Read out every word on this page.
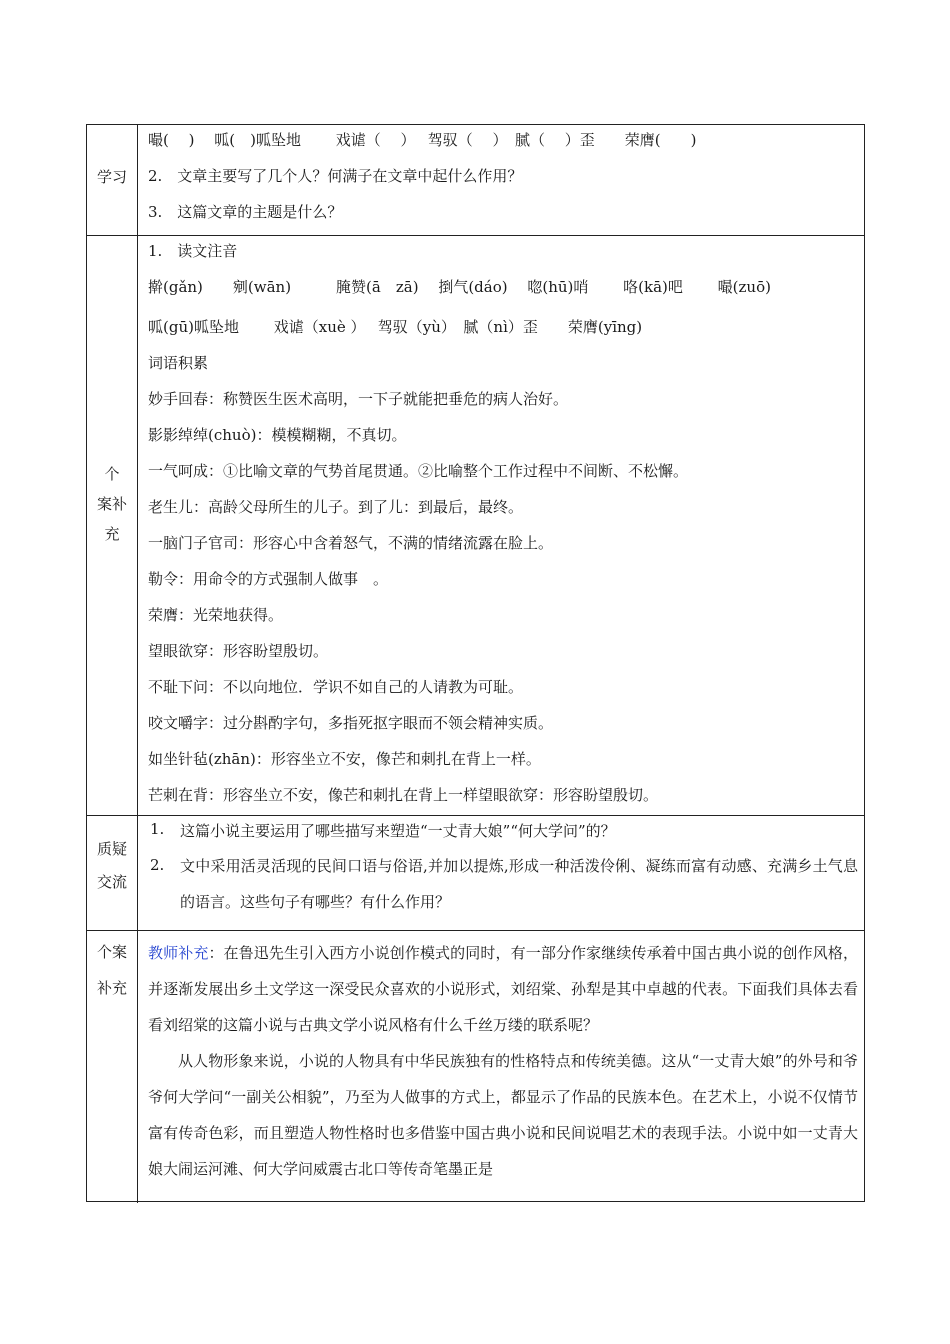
学习
嘬(　 )　 呱(　)呱坠地　　 戏谑（　 ）　 驾驭（　 ）　腻（　 ）歪　　荣膺(　　)
2.　文章主要写了几个人？何满子在文章中起什么作用？
3.　这篇文章的主题是什么？
个
案补
充
1.　读文注音
擀(gǎn)　　剜(wān)　　　腌赞(ā　zā)　 捯气(dáo)　 唿(hū)哨　　 咯(kā)吧　　 嘬(zuō)
呱(gū)呱坠地　　 戏谑（xuè ）　 驾驭（yù）　腻（nì）歪　　荣膺(yīng)
词语积累
妙手回春：称赞医生医术高明，一下子就能把垂危的病人治好。
影影绰绰(chuò)：模模糊糊，不真切。
一气呵成：①比喻文章的气势首尾贯通。②比喻整个工作过程中不间断、不松懈。
老生儿：高龄父母所生的儿子。到了儿：到最后，最终。
一脑门子官司：形容心中含着怒气，不满的情绪流露在脸上。
勒令：用命令的方式强制人做事　。
荣膺：光荣地获得。
望眼欲穿：形容盼望殷切。
不耻下问：不以向地位．学识不如自己的人请教为可耻。
咬文嚼字：过分斟酌字句，多指死抠字眼而不领会精神实质。
如坐针毡(zhān)：形容坐立不安，像芒和刺扎在背上一样。
芒刺在背：形容坐立不安，像芒和刺扎在背上一样望眼欲穿：形容盼望殷切。
质疑
交流
1. 这篇小说主要运用了哪些描写来塑造“一丈青大娘”“何大学问”的？
2. 文中采用活灵活现的民间口语与俗语,并加以提炼,形成一种活泼伶俐、凝练而富有动感、充满乡土气息的语言。这些句子有哪些？有什么作用？
个案
补充
教师补充：在鲁迅先生引入西方小说创作模式的同时，有一部分作家继续传承着中国古典小说的创作风格，并逐渐发展出乡土文学这一深受民众喜欢的小说形式，刘绍棠、孙犁是其中卓越的代表。下面我们具体去看看刘绍棠的这篇小说与古典文学小说风格有什么千丝万缕的联系呢？
从人物形象来说，小说的人物具有中华民族独有的性格特点和传统美德。这从“一丈青大娘”的外号和爷爷何大学问“一副关公相貌”，乃至为人做事的方式上，都显示了作品的民族本色。在艺术上，小说不仅情节富有传奇色彩，而且塑造人物性格时也多借鉴中国古典小说和民间说唱艺术的表现手法。小说中如一丈青大娘大闹运河滩、何大学问威震古北口等传奇笔墨正是
